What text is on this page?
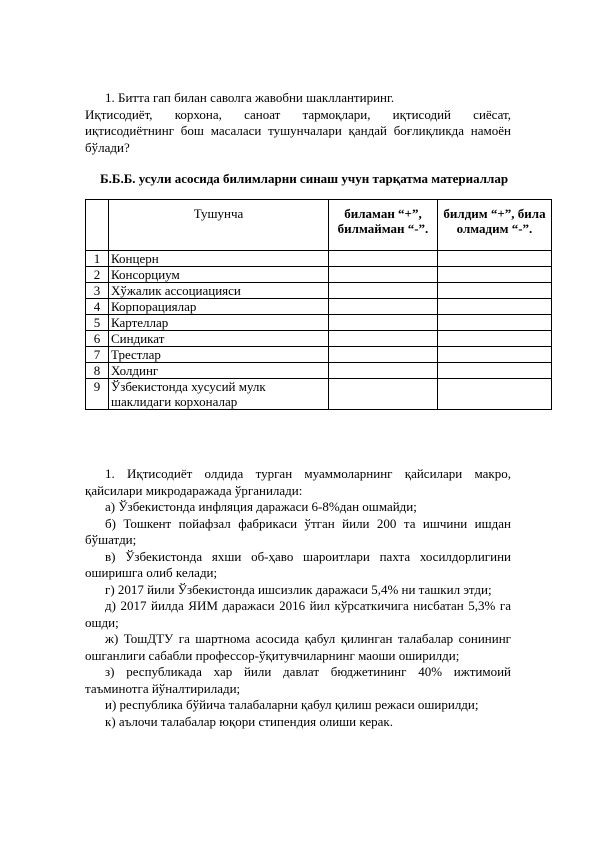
1. Битта гап билан саволга жавобни шакллантиринг.

Иқтисодиёт, корхона, саноат тармоқлари, иқтисодий сиёсат,

иқтисодиётнинг бош масаласи тушунчалари қандай боғлиқликда намоён

бўлади?

Б.Б.Б. усули асосида билимларни синаш учун тарқатма материаллар
	Тушунча	биламан “+”, билмайман “-”.	билдим “+”, била олмадим “-”.
1	Концерн		
2	Консорциум		
3	Хўжалик ассоциацияси		
4	Корпорациялар		
5	Картеллар		
6	Синдикат		
7	Трестлар		
8	Холдинг		
9	Ўзбекистонда хусусий мулк шаклидаги корхоналар		

1. Иқтисодиёт олдида турган муаммоларнинг қайсилари макро,

қайсилари микродаражада ўрганилади:

а) Ўзбекистонда инфляция даражаси 6-8%дан ошмайди;

б) Тошкент пойафзал фабрикаси ўтган йили 200 та ишчини ишдан

бўшатди;

в) Ўзбекистонда яхши об-ҳаво шароитлари пахта хосилдорлигини

оширишга олиб келади;

г) 2017 йили Ўзбекистонда ишсизлик даражаси 5,4% ни ташкил этди;

д) 2017 йилда ЯИМ даражаси 2016 йил кўрсаткичига нисбатан 5,3% га

ошди;

ж) ТошДТУ га шартнома асосида қабул қилинган талабалар сонининг

ошганлиги сабабли профессор-ўқитувчиларнинг маоши оширилди;

з) республикада хар йили давлат бюджетининг 40% ижтимоий

таъминотга йўналтирилади;

и) республика бўйича талабаларни қабул қилиш режаси оширилди;

к) аълочи талабалар юқори стипендия олиши керак.
